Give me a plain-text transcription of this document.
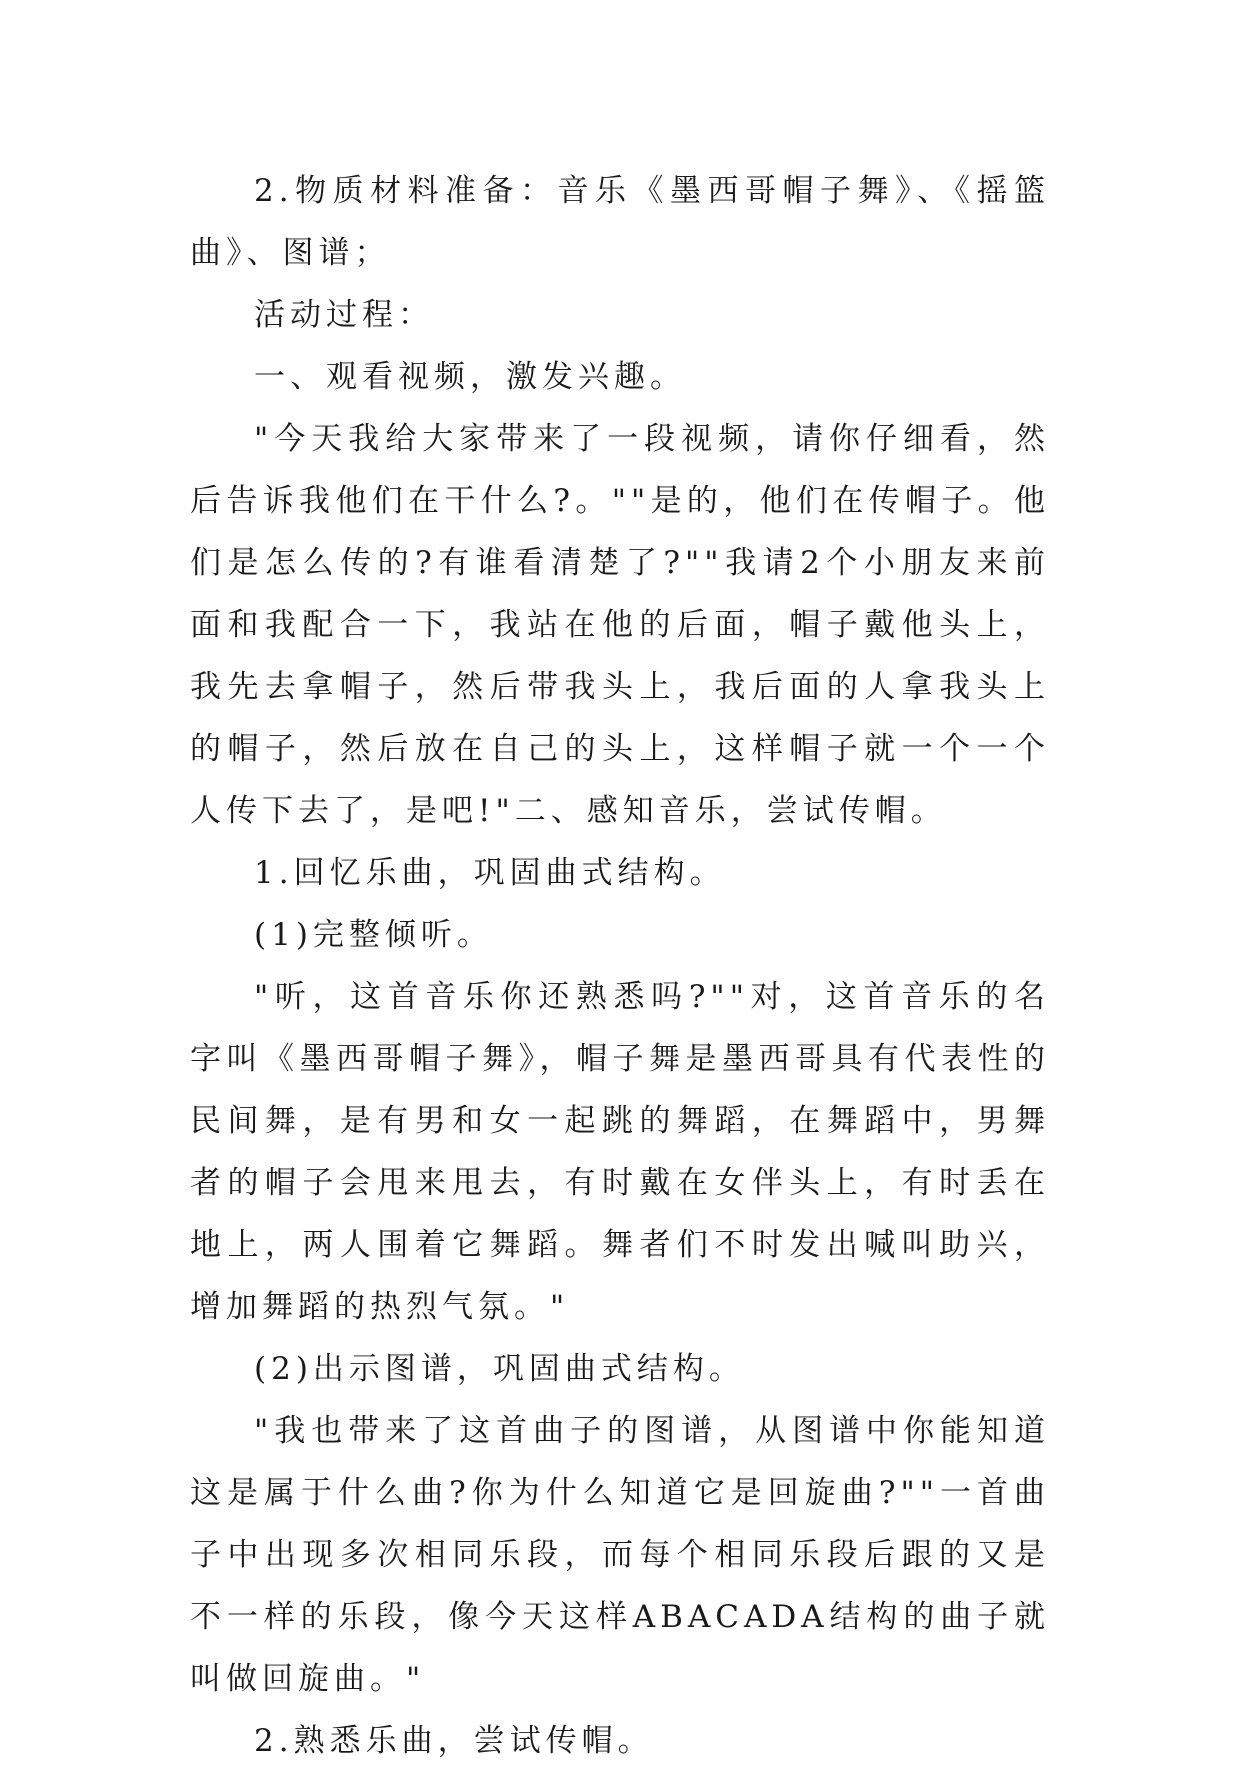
2.物质材料准备：音乐《墨西哥帽子舞》、《摇篮曲》、图谱；

活动过程：

一、观看视频，激发兴趣。

"今天我给大家带来了一段视频，请你仔细看，然后告诉我他们在干什么?。""是的，他们在传帽子。他们是怎么传的?有谁看清楚了?""我请2个小朋友来前面和我配合一下，我站在他的后面，帽子戴他头上，我先去拿帽子，然后带我头上，我后面的人拿我头上的帽子，然后放在自己的头上，这样帽子就一个一个人传下去了，是吧!"二、感知音乐，尝试传帽。

1.回忆乐曲，巩固曲式结构。

(1)完整倾听。

"听，这首音乐你还熟悉吗?""对，这首音乐的名字叫《墨西哥帽子舞》，帽子舞是墨西哥具有代表性的民间舞，是有男和女一起跳的舞蹈，在舞蹈中，男舞者的帽子会甩来甩去，有时戴在女伴头上，有时丢在地上，两人围着它舞蹈。舞者们不时发出喊叫助兴，增加舞蹈的热烈气氛。"

(2)出示图谱，巩固曲式结构。

"我也带来了这首曲子的图谱，从图谱中你能知道这是属于什么曲?你为什么知道它是回旋曲?""一首曲子中出现多次相同乐段，而每个相同乐段后跟的又是不一样的乐段，像今天这样ABACADA结构的曲子就叫做回旋曲。"

2.熟悉乐曲，尝试传帽。
